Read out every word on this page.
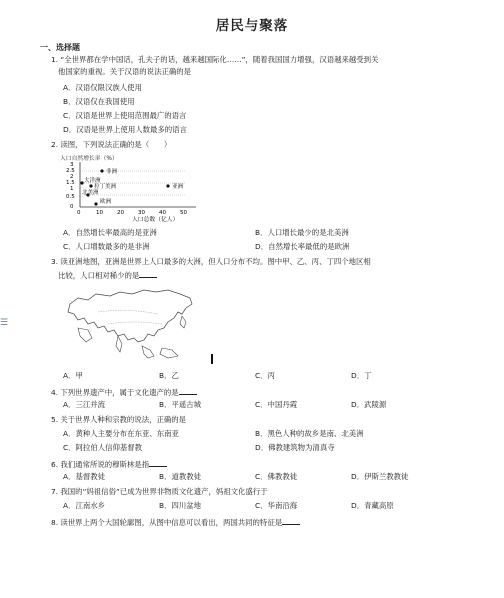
居民与聚落
一、选择题
1. “全世界都在学中国话，孔夫子的话，越来越国际化……”，随着我国国力增强，汉语越来越受到关
他国家的重视。关于汉语的说法正确的是
A．汉语仅限汉族人使用
B．汉语仅在我国使用
C．汉语是世界上使用范围最广的语言
D．汉语是世界上使用人数最多的语言
2. 读图，下列说法正确的是（　　）
人口自然增长率（%）
3
2.5
2
1.5
1
0.5
0
0	10	20	30	40	50
非洲
大洋洲
拉丁美洲
北美洲
亚洲
欧洲
人口总数（亿人）
A．自然增长率最高的是亚洲	B．人口增长最少的是北美洲
C．人口增数最多的是非洲	D．自然增长率最低的是欧洲
3. 读亚洲地图，亚洲是世界上人口最多的大洲，但人口分布不均。图中甲、乙、丙、丁四个地区相
比较，人口相对稀少的是
☰
A．甲	B．乙	C．丙	D．丁
4. 下列世界遗产中，属于文化遗产的是
A．三江并流	B．平遥古城	C．中国丹霞	D．武陵源
5. 关于世界人种和宗教的说法，正确的是
A．黄种人主要分布在东亚、东南亚	B．黑色人种的故乡是南、北美洲
C．阿拉伯人信仰基督教	D．佛教建筑物为清真寺
6. 我们通常所说的穆斯林是指
A．基督教徒	B．道教教徒	C．佛教教徒	D．伊斯兰教教徒
7. 我国的“妈祖信俗”已成为世界非物质文化遗产，妈祖文化盛行于
A．江南水乡	B．四川盆地	C．华南沿海	D．青藏高原
8. 读世界上两个大国轮廓图，从图中信息可以看出，两国共同的特征是
